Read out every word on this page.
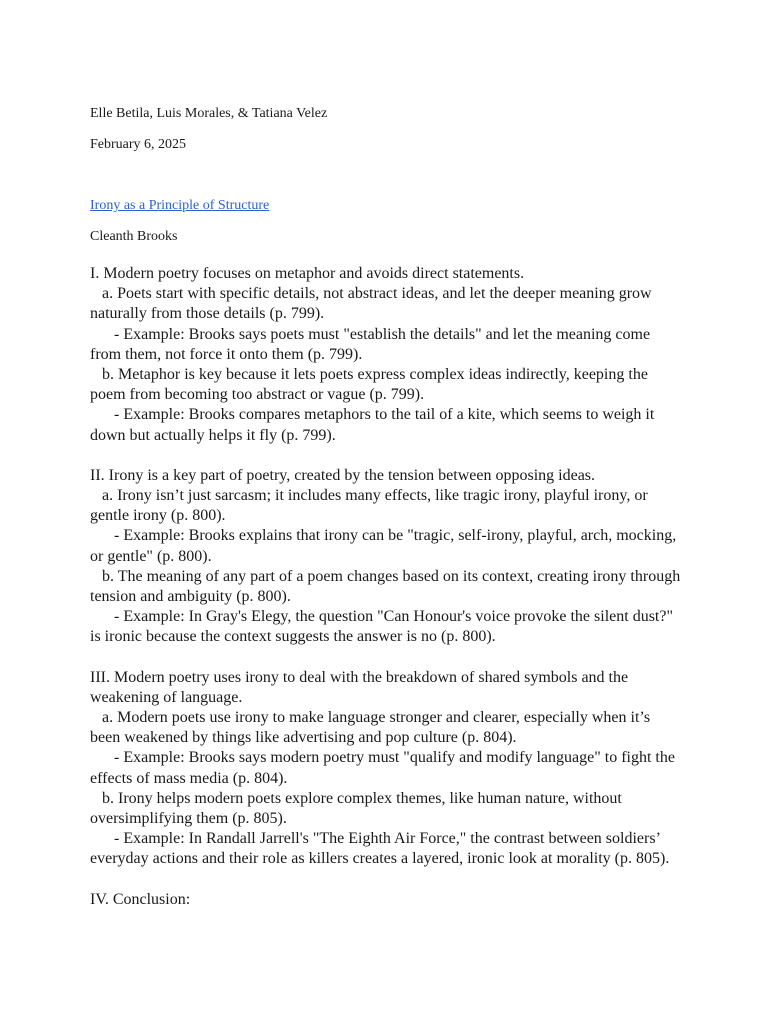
Elle Betila, Luis Morales, & Tatiana Velez

February 6, 2025

Irony as a Principle of Structure

Cleanth Brooks

I. Modern poetry focuses on metaphor and avoids direct statements.

a. Poets start with specific details, not abstract ideas, and let the deeper meaning grow naturally from those details (p. 799).

- Example: Brooks says poets must "establish the details" and let the meaning come from them, not force it onto them (p. 799).

b. Metaphor is key because it lets poets express complex ideas indirectly, keeping the poem from becoming too abstract or vague (p. 799).

- Example: Brooks compares metaphors to the tail of a kite, which seems to weigh it down but actually helps it fly (p. 799).

II. Irony is a key part of poetry, created by the tension between opposing ideas.

a. Irony isn’t just sarcasm; it includes many effects, like tragic irony, playful irony, or gentle irony (p. 800).

- Example: Brooks explains that irony can be "tragic, self-irony, playful, arch, mocking, or gentle" (p. 800).

b. The meaning of any part of a poem changes based on its context, creating irony through tension and ambiguity (p. 800).

- Example: In Gray's Elegy, the question "Can Honour's voice provoke the silent dust?" is ironic because the context suggests the answer is no (p. 800).

III. Modern poetry uses irony to deal with the breakdown of shared symbols and the weakening of language.

a. Modern poets use irony to make language stronger and clearer, especially when it’s been weakened by things like advertising and pop culture (p. 804).

- Example: Brooks says modern poetry must "qualify and modify language" to fight the effects of mass media (p. 804).

b. Irony helps modern poets explore complex themes, like human nature, without oversimplifying them (p. 805).

- Example: In Randall Jarrell's "The Eighth Air Force," the contrast between soldiers’ everyday actions and their role as killers creates a layered, ironic look at morality (p. 805).

IV. Conclusion:
